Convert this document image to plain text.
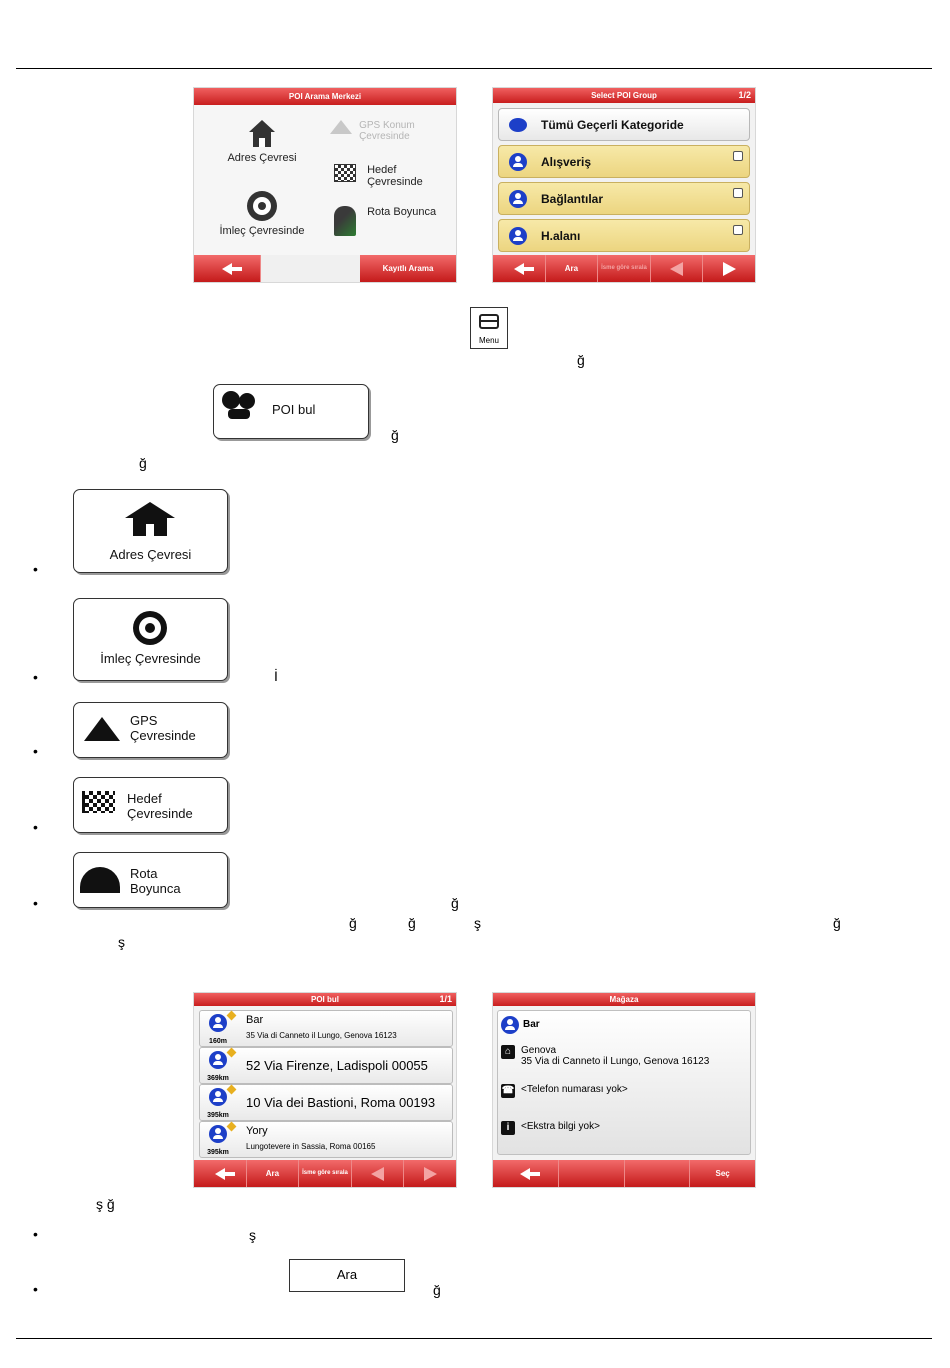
POI Arama Merkezi
Adres Çevresi
GPS Konum Çevresinde
Hedef Çevresinde
İmleç Çevresinde
Rota Boyunca
Kayıtlı Arama
Select POI Group	1/2
Tümü Geçerli Kategoride
Alışveriş
Bağlantılar
H.alanı
Ara	İsme göre sırala
Menu
ğ
POI bul
ğ
ğ
•
Adres Çevresi
•
İmleç Çevresinde
İ
•
GPS Çevresinde
•
Hedef Çevresinde
•
Rota Boyunca
ğ
ğ	ğ	ş	ğ
ş
POI bul	1/1
160m
Bar
35 Via di Canneto il Lungo, Genova 16123
369km
52 Via Firenze, Ladispoli 00055
395km
10 Via dei Bastioni, Roma 00193
395km
Yory
Lungotevere in Sassia, Roma 00165
Ara	İsme göre sırala
Mağaza
Bar
⌂ Genova
35 Via di Canneto il Lungo, Genova 16123
☎ <Telefon numarası yok>
i	<Ekstra bilgi yok>
Seç
ş ğ
•	ş
•
Ara
ğ
